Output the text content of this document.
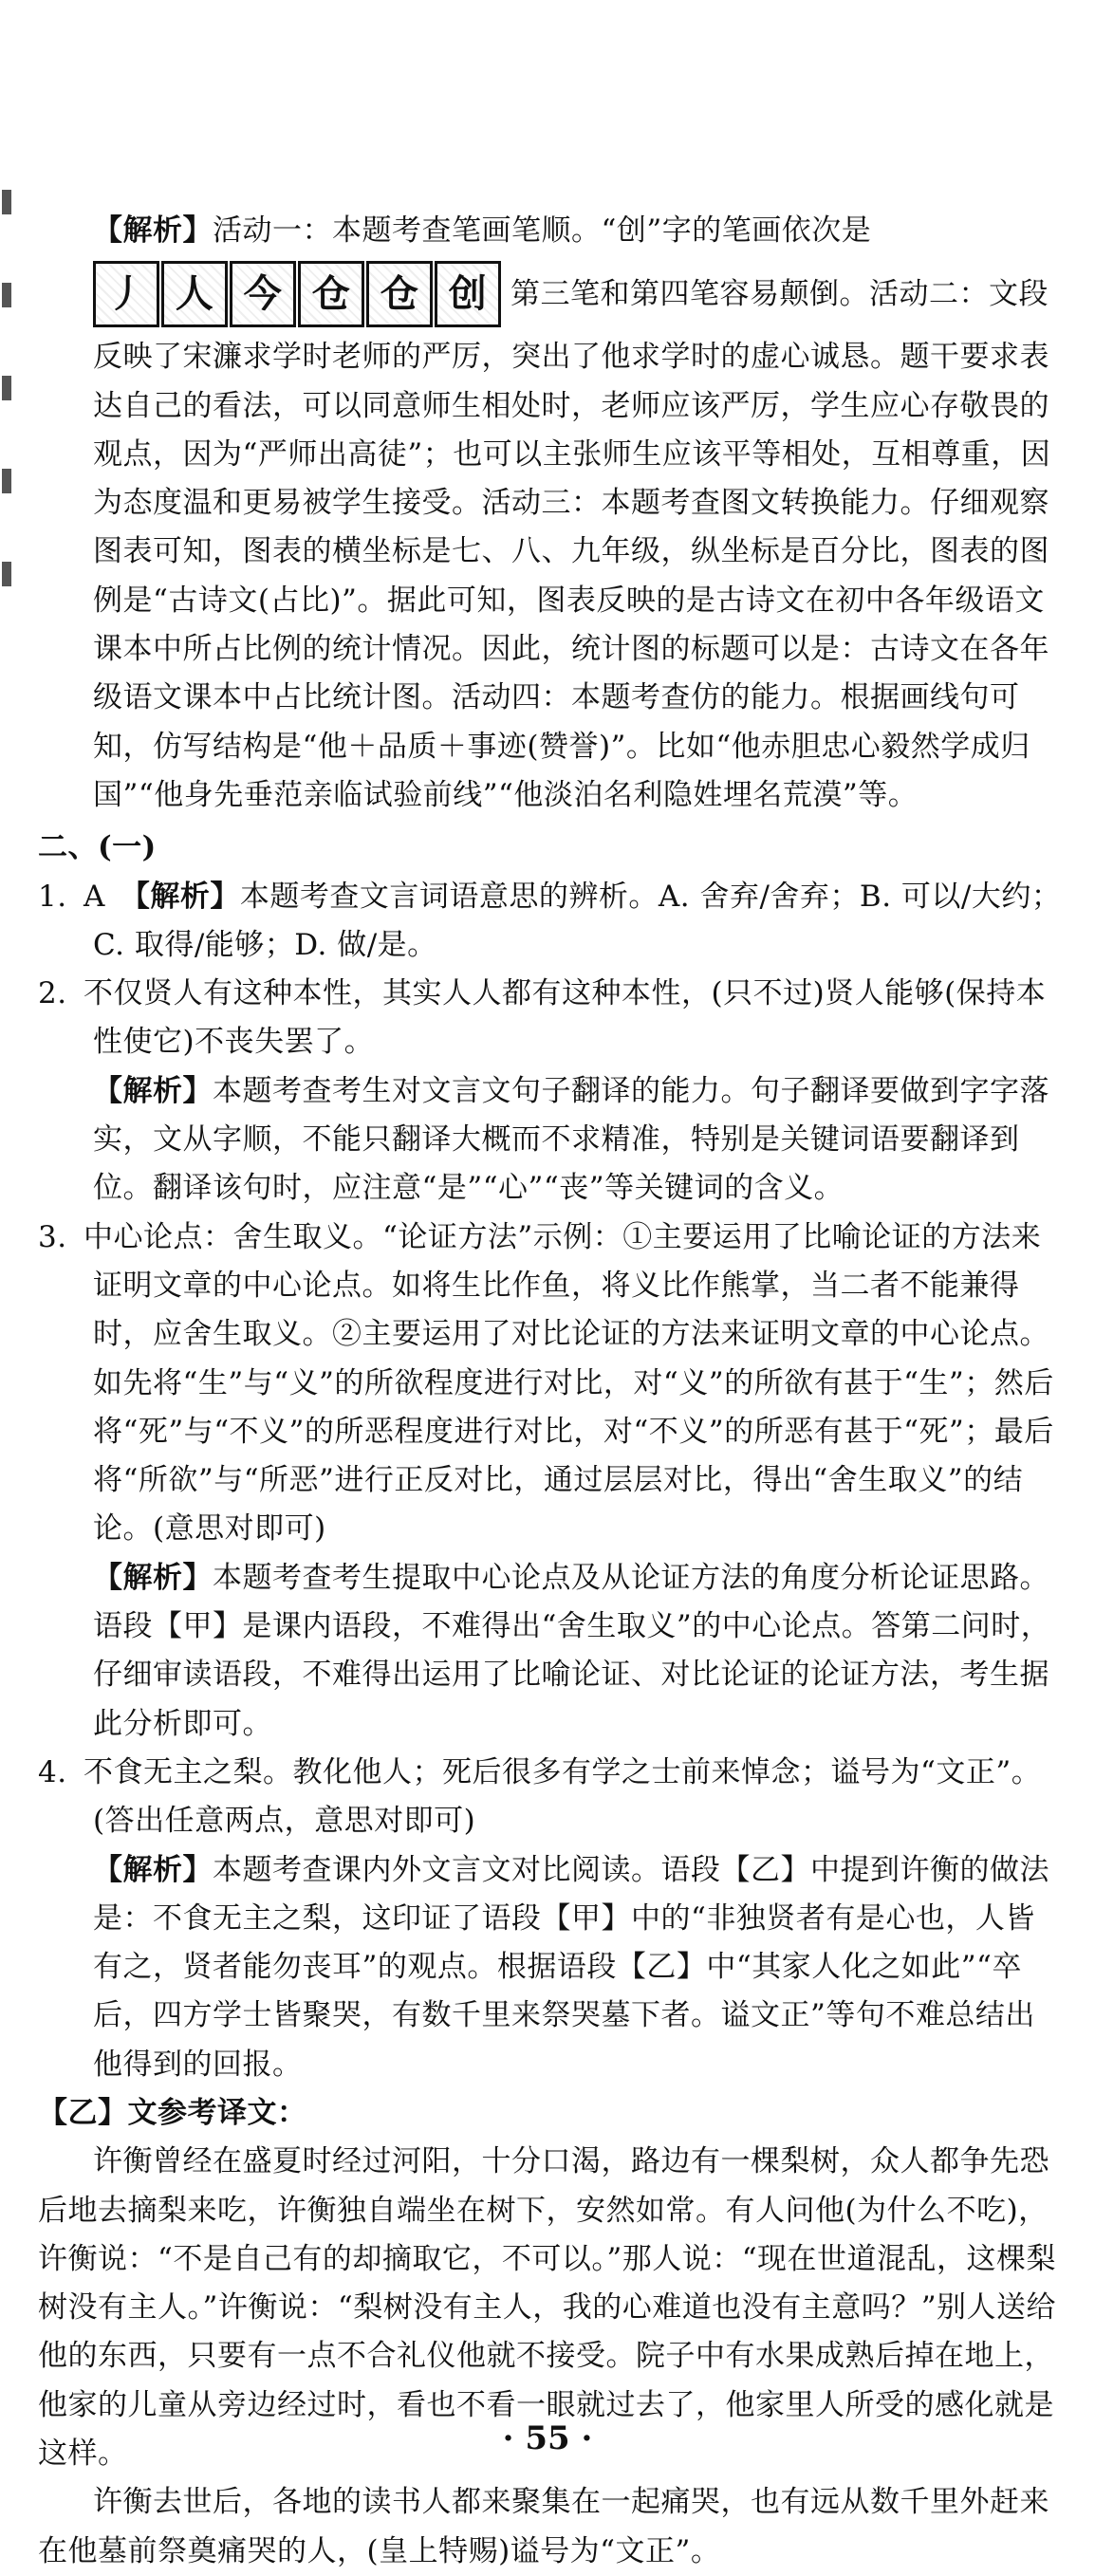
【解析】活动一：本题考查笔画笔顺。“创”字的笔画依次是

丿 人 今 仓 仓 创 第三笔和第四笔容易颠倒。活动二：文段

反映了宋濂求学时老师的严厉，突出了他求学时的虚心诚恳。题干要求表达自己的看法，可以同意师生相处时，老师应该严厉，学生应心存敬畏的观点，因为“严师出高徒”；也可以主张师生应该平等相处，互相尊重，因为态度温和更易被学生接受。活动三：本题考查图文转换能力。仔细观察图表可知，图表的横坐标是七、八、九年级，纵坐标是百分比，图表的图例是“古诗文(占比)”。据此可知，图表反映的是古诗文在初中各年级语文课本中所占比例的统计情况。因此，统计图的标题可以是：古诗文在各年级语文课本中占比统计图。活动四：本题考查仿的能力。根据画线句可知，仿写结构是“他＋品质＋事迹(赞誉)”。比如“他赤胆忠心毅然学成归国”“他身先垂范亲临试验前线”“他淡泊名利隐姓埋名荒漠”等。

二、(一)

1. A　【解析】本题考查文言词语意思的辨析。A. 舍弃/舍弃；B. 可以/大约；C. 取得/能够；D. 做/是。

2. 不仅贤人有这种本性，其实人人都有这种本性，(只不过)贤人能够(保持本性使它)不丧失罢了。

【解析】本题考查考生对文言文句子翻译的能力。句子翻译要做到字字落实，文从字顺，不能只翻译大概而不求精准，特别是关键词语要翻译到位。翻译该句时，应注意“是”“心”“丧”等关键词的含义。

3. 中心论点：舍生取义。“论证方法”示例：①主要运用了比喻论证的方法来证明文章的中心论点。如将生比作鱼，将义比作熊掌，当二者不能兼得时，应舍生取义。②主要运用了对比论证的方法来证明文章的中心论点。如先将“生”与“义”的所欲程度进行对比，对“义”的所欲有甚于“生”；然后将“死”与“不义”的所恶程度进行对比，对“不义”的所恶有甚于“死”；最后将“所欲”与“所恶”进行正反对比，通过层层对比，得出“舍生取义”的结论。(意思对即可)

【解析】本题考查考生提取中心论点及从论证方法的角度分析论证思路。语段【甲】是课内语段，不难得出“舍生取义”的中心论点。答第二问时，仔细审读语段，不难得出运用了比喻论证、对比论证的论证方法，考生据此分析即可。

4. 不食无主之梨。教化他人；死后很多有学之士前来悼念；谥号为“文正”。(答出任意两点，意思对即可)

【解析】本题考查课内外文言文对比阅读。语段【乙】中提到许衡的做法是：不食无主之梨，这印证了语段【甲】中的“非独贤者有是心也，人皆有之，贤者能勿丧耳”的观点。根据语段【乙】中“其家人化之如此”“卒后，四方学士皆聚哭，有数千里来祭哭墓下者。谥文正”等句不难总结出他得到的回报。

【乙】文参考译文：

许衡曾经在盛夏时经过河阳，十分口渴，路边有一棵梨树，众人都争先恐后地去摘梨来吃，许衡独自端坐在树下，安然如常。有人问他(为什么不吃)，许衡说：“不是自己有的却摘取它，不可以。”那人说：“现在世道混乱，这棵梨树没有主人。”许衡说：“梨树没有主人，我的心难道也没有主意吗？”别人送给他的东西，只要有一点不合礼仪他就不接受。院子中有水果成熟后掉在地上，他家的儿童从旁边经过时，看也不看一眼就过去了，他家里人所受的感化就是这样。

许衡去世后，各地的读书人都来聚集在一起痛哭，也有远从数千里外赶来在他墓前祭奠痛哭的人，(皇上特赐)谥号为“文正”。

· 55 ·
